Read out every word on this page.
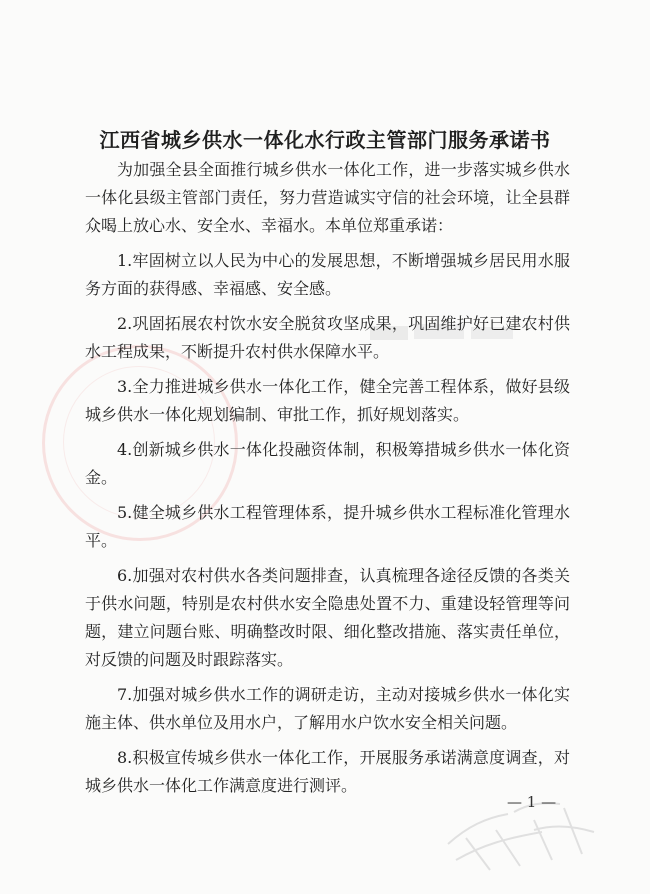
江西省城乡供水一体化水行政主管部门服务承诺书

为加强全县全面推行城乡供水一体化工作，进一步落实城乡供水一体化县级主管部门责任，努力营造诚实守信的社会环境，让全县群众喝上放心水、安全水、幸福水。本单位郑重承诺：

1.牢固树立以人民为中心的发展思想，不断增强城乡居民用水服务方面的获得感、幸福感、安全感。

2.巩固拓展农村饮水安全脱贫攻坚成果，巩固维护好已建农村供水工程成果，不断提升农村供水保障水平。

3.全力推进城乡供水一体化工作，健全完善工程体系，做好县级城乡供水一体化规划编制、审批工作，抓好规划落实。

4.创新城乡供水一体化投融资体制，积极筹措城乡供水一体化资金。

5.健全城乡供水工程管理体系，提升城乡供水工程标准化管理水平。

6.加强对农村供水各类问题排查，认真梳理各途径反馈的各类关于供水问题，特别是农村供水安全隐患处置不力、重建设轻管理等问题，建立问题台账、明确整改时限、细化整改措施、落实责任单位，对反馈的问题及时跟踪落实。

7.加强对城乡供水工作的调研走访，主动对接城乡供水一体化实施主体、供水单位及用水户，了解用水户饮水安全相关问题。

8.积极宣传城乡供水一体化工作，开展服务承诺满意度调查，对城乡供水一体化工作满意度进行测评。

— 1 —
